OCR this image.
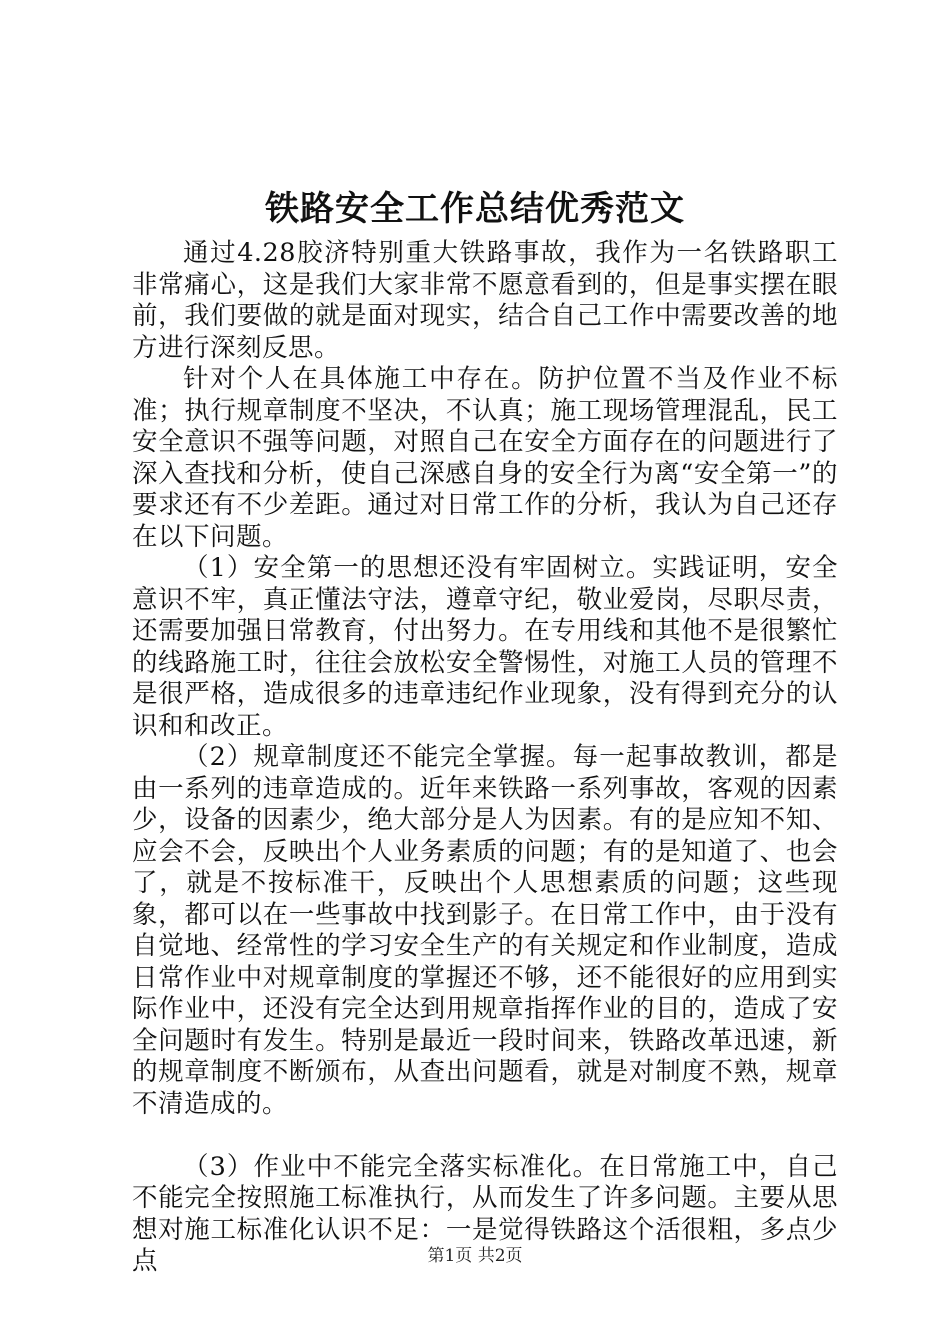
铁路安全工作总结优秀范文

通过4.28胶济特别重大铁路事故，我作为一名铁路职工非常痛心，这是我们大家非常不愿意看到的，但是事实摆在眼前，我们要做的就是面对现实，结合自己工作中需要改善的地方进行深刻反思。

针对个人在具体施工中存在。防护位置不当及作业不标准；执行规章制度不坚决，不认真；施工现场管理混乱，民工安全意识不强等问题，对照自己在安全方面存在的问题进行了深入查找和分析，使自己深感自身的安全行为离“安全第一”的要求还有不少差距。通过对日常工作的分析，我认为自己还存在以下问题。

（1）安全第一的思想还没有牢固树立。实践证明，安全意识不牢，真正懂法守法，遵章守纪，敬业爱岗，尽职尽责，还需要加强日常教育，付出努力。在专用线和其他不是很繁忙的线路施工时，往往会放松安全警惕性，对施工人员的管理不是很严格，造成很多的违章违纪作业现象，没有得到充分的认识和和改正。

（2）规章制度还不能完全掌握。每一起事故教训，都是由一系列的违章造成的。近年来铁路一系列事故，客观的因素少，设备的因素少，绝大部分是人为因素。有的是应知不知、应会不会，反映出个人业务素质的问题；有的是知道了、也会了，就是不按标准干，反映出个人思想素质的问题；这些现象，都可以在一些事故中找到影子。在日常工作中，由于没有自觉地、经常性的学习安全生产的有关规定和作业制度，造成日常作业中对规章制度的掌握还不够，还不能很好的应用到实际作业中，还没有完全达到用规章指挥作业的目的，造成了安全问题时有发生。特别是最近一段时间来，铁路改革迅速，新的规章制度不断颁布，从查出问题看，就是对制度不熟，规章不清造成的。

（3）作业中不能完全落实标准化。在日常施工中，自己不能完全按照施工标准执行，从而发生了许多问题。主要从思想对施工标准化认识不足：一是觉得铁路这个活很粗，多点少点	第1页 共2页
